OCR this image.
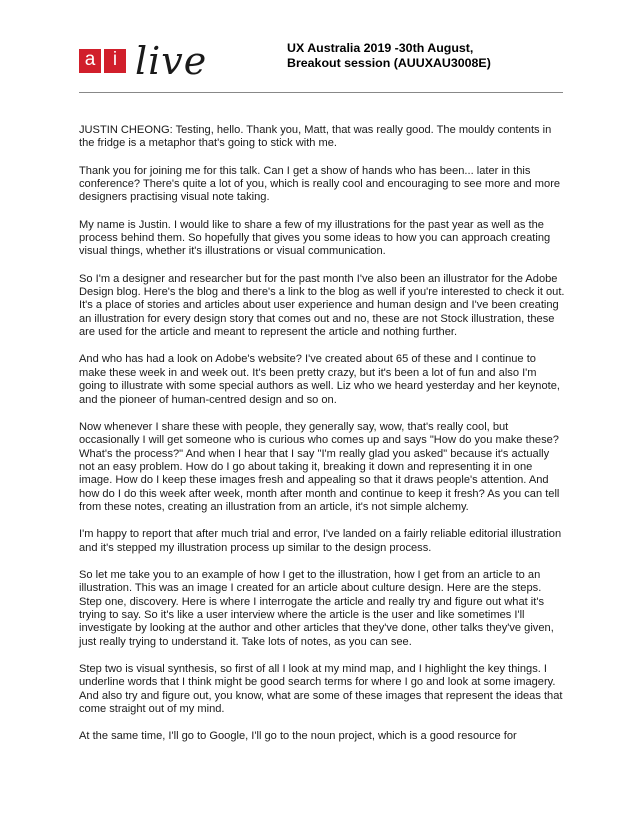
a i live	UX Australia 2019 -30th August,
Breakout session (AUUXAU3008E)

JUSTIN CHEONG: Testing, hello. Thank you, Matt, that was really good. The mouldy contents in the fridge is a metaphor that's going to stick with me.

Thank you for joining me for this talk. Can I get a show of hands who has been... later in this conference? There's quite a lot of you, which is really cool and encouraging to see more and more designers practising visual note taking.

My name is Justin. I would like to share a few of my illustrations for the past year as well as the process behind them. So hopefully that gives you some ideas to how you can approach creating visual things, whether it's illustrations or visual communication.

So I'm a designer and researcher but for the past month I've also been an illustrator for the Adobe Design blog. Here's the blog and there's a link to the blog as well if you're interested to check it out. It's a place of stories and articles about user experience and human design and I've been creating an illustration for every design story that comes out and no, these are not Stock illustration, these are used for the article and meant to represent the article and nothing further.

And who has had a look on Adobe's website? I've created about 65 of these and I continue to make these week in and week out. It's been pretty crazy, but it's been a lot of fun and also I'm going to illustrate with some special authors as well. Liz who we heard yesterday and her keynote, and the pioneer of human-centred design and so on.

Now whenever I share these with people, they generally say, wow, that's really cool, but occasionally I will get someone who is curious who comes up and says "How do you make these? What's the process?" And when I hear that I say "I'm really glad you asked" because it's actually not an easy problem. How do I go about taking it, breaking it down and representing it in one image. How do I keep these images fresh and appealing so that it draws people's attention. And how do I do this week after week, month after month and continue to keep it fresh? As you can tell from these notes, creating an illustration from an article, it's not simple alchemy.

I'm happy to report that after much trial and error, I've landed on a fairly reliable editorial illustration and it's stepped my illustration process up similar to the design process.

So let me take you to an example of how I get to the illustration, how I get from an article to an illustration. This was an image I created for an article about culture design. Here are the steps. Step one, discovery. Here is where I interrogate the article and really try and figure out what it's trying to say. So it's like a user interview where the article is the user and like sometimes I'll investigate by looking at the author and other articles that they've done, other talks they've given, just really trying to understand it. Take lots of notes, as you can see.

Step two is visual synthesis, so first of all I look at my mind map, and I highlight the key things. I underline words that I think might be good search terms for where I go and look at some imagery. And also try and figure out, you know, what are some of these images that represent the ideas that come straight out of my mind.

At the same time, I'll go to Google, I'll go to the noun project, which is a good resource for
